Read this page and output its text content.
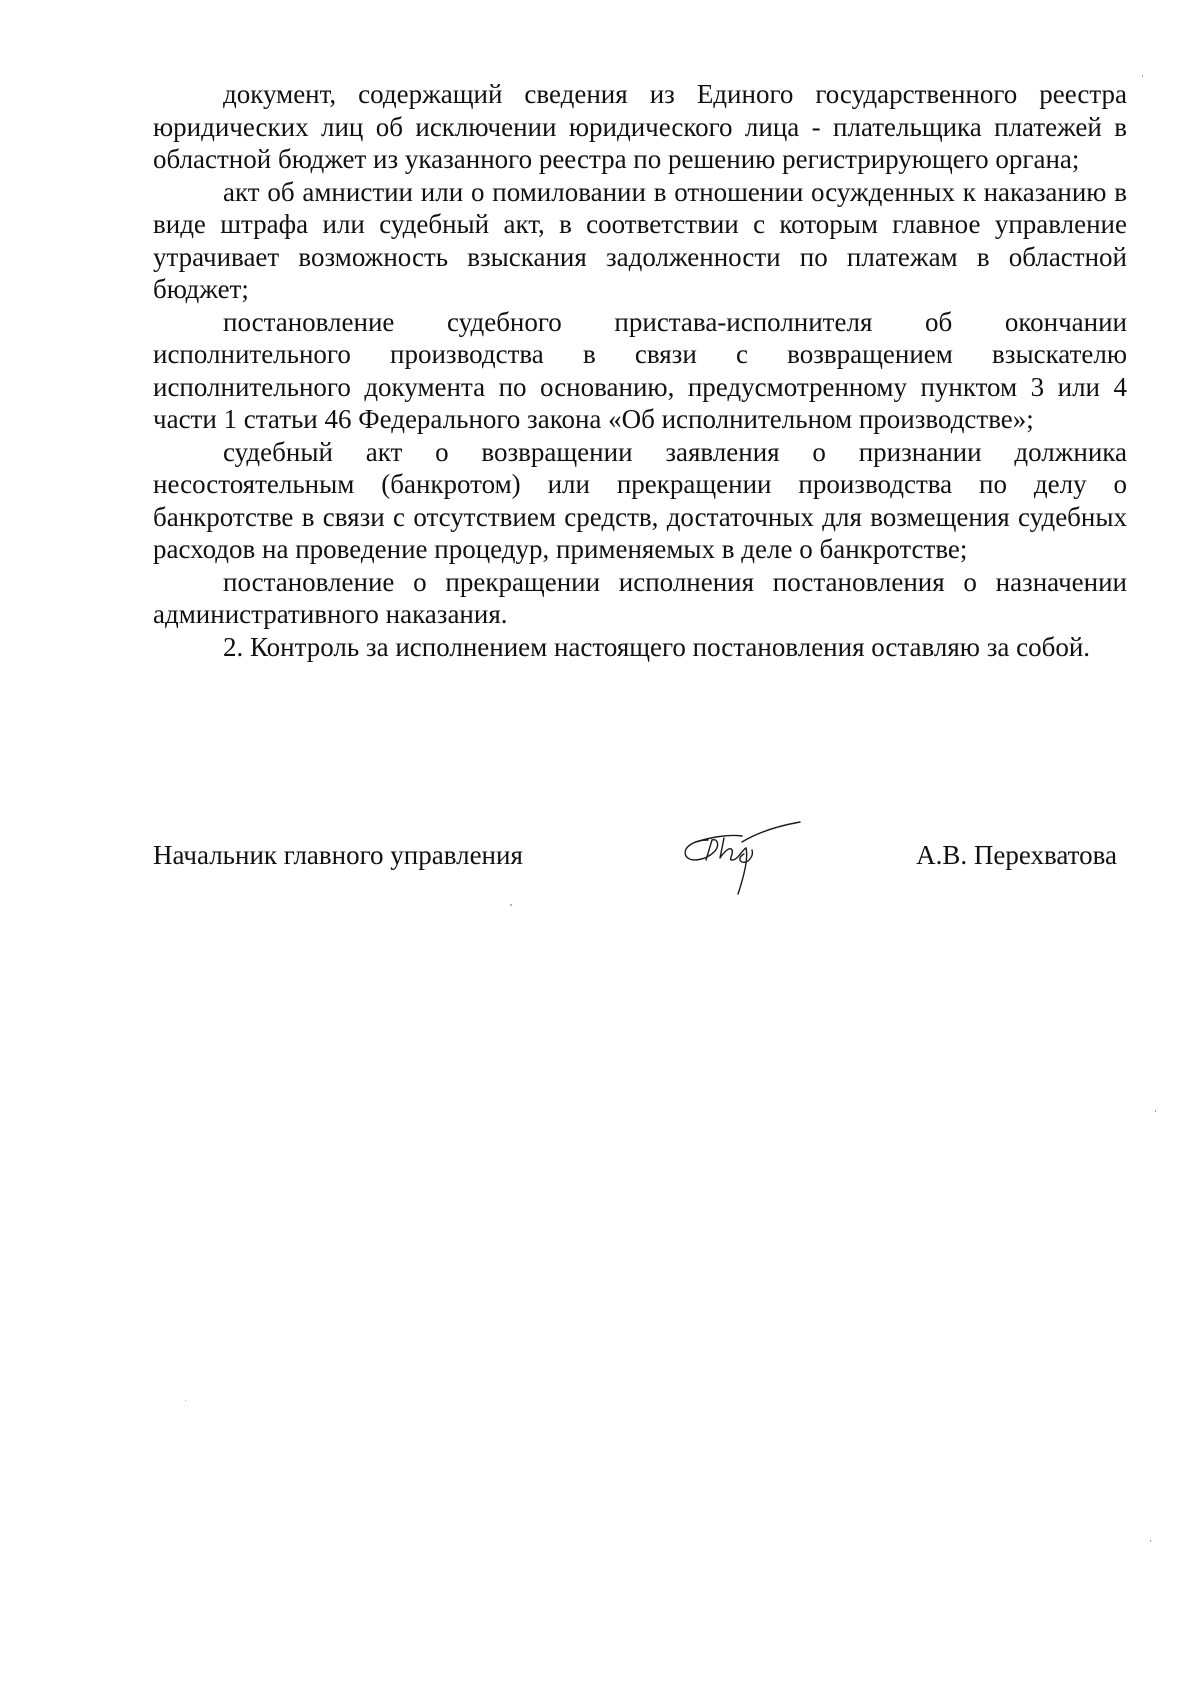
документ, содержащий сведения из Единого государственного реестра юридических лиц об исключении юридического лица - плательщика платежей в областной бюджет из указанного реестра по решению регистрирующего органа;

акт об амнистии или о помиловании в отношении осужденных к наказанию в виде штрафа или судебный акт, в соответствии с которым главное управление утрачивает возможность взыскания задолженности по платежам в областной бюджет;

постановление судебного пристава-исполнителя об окончании исполнительного производства в связи с возвращением взыскателю исполнительного документа по основанию, предусмотренному пунктом 3 или 4 части 1 статьи 46 Федерального закона «Об исполнительном производстве»;

судебный акт о возвращении заявления о признании должника несостоятельным (банкротом) или прекращении производства по делу о банкротстве в связи с отсутствием средств, достаточных для возмещения судебных расходов на проведение процедур, применяемых в деле о банкротстве;

постановление о прекращении исполнения постановления о назначении административного наказания.

2. Контроль за исполнением настоящего постановления оставляю за собой.

Начальник главного управления	А.В. Перехватова
